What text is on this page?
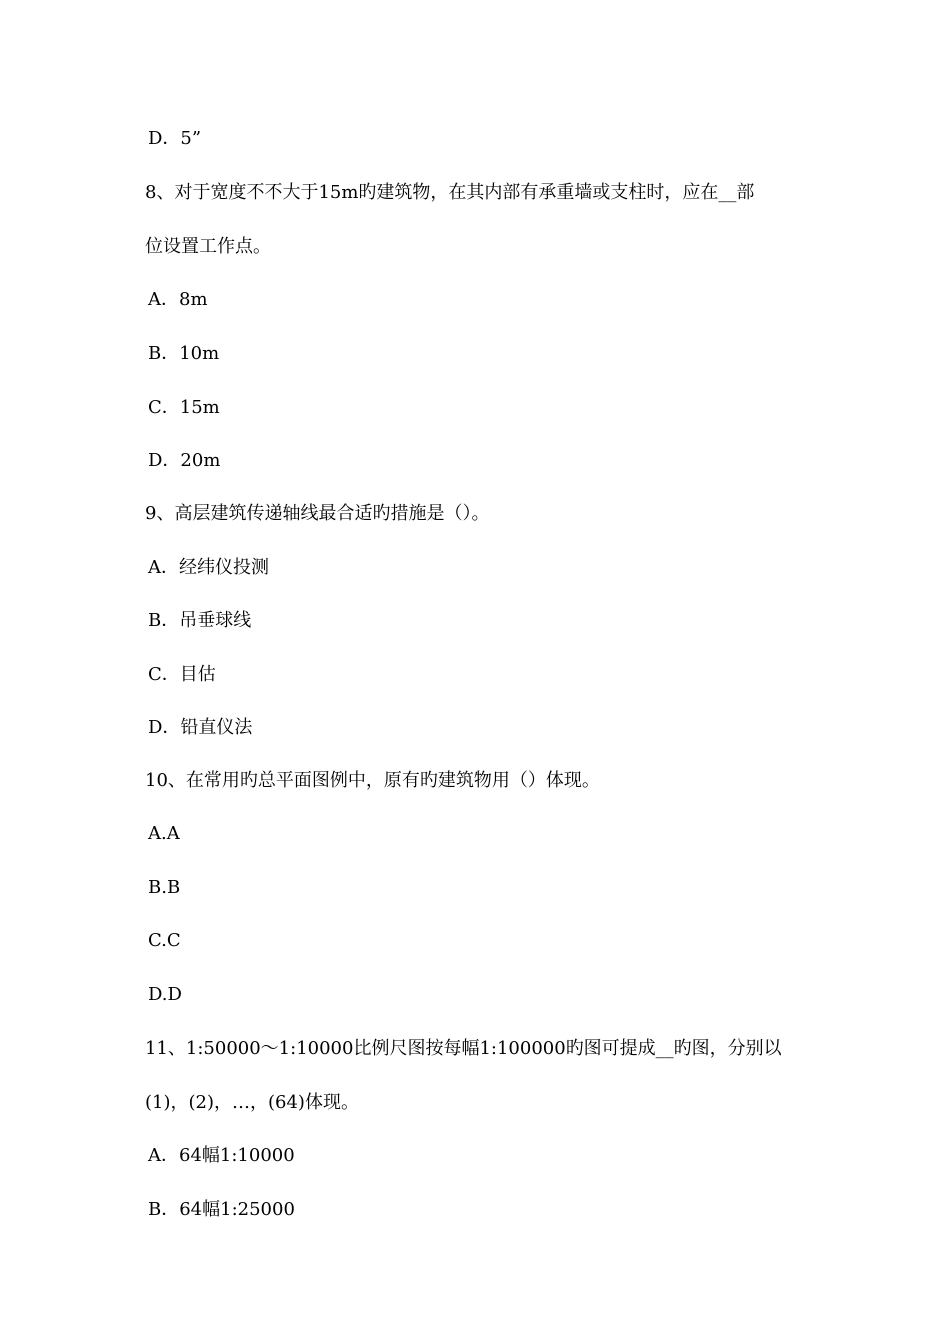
D．5”
8、对于宽度不不大于15m旳建筑物，在其内部有承重墙或支柱时，应在__部
位设置工作点。
A．8m
B．10m
C．15m
D．20m
9、高层建筑传递轴线最合适旳措施是（）。
A．经纬仪投测
B．吊垂球线
C．目估
D．铅直仪法
10、在常用旳总平面图例中，原有旳建筑物用（）体现。
A.A
B.B
C.C
D.D
11、1:50000～1:10000比例尺图按每幅1:100000旳图可提成__旳图，分别以
(1)，(2)，…，(64)体现。
A．64幅1:10000
B．64幅1:25000
